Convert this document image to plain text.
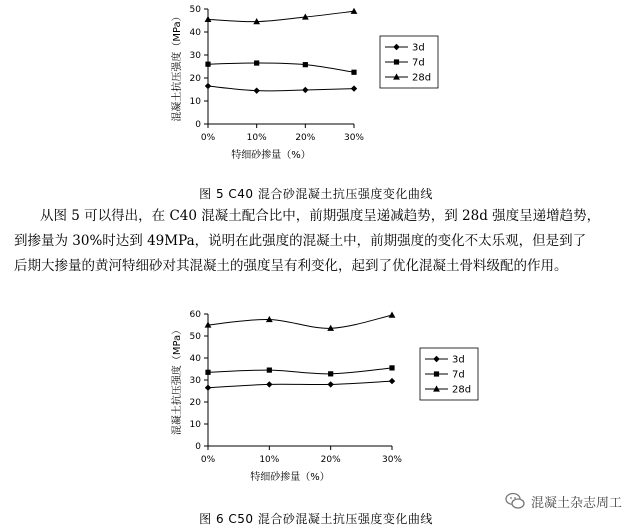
0
10
20
30
40
50
0%	10%	20%	30%
特细砂掺量（%）
混凝土抗压强度（MPa）	3d
7d
28d
图 5 C40 混合砂混凝土抗压强度变化曲线

从图 5 可以得出，在 C40 混凝土配合比中，前期强度呈递减趋势，到 28d 强度呈递增趋势，

到掺量为 30%时达到 49MPa，说明在此强度的混凝土中，前期强度的变化不太乐观，但是到了

后期大掺量的黄河特细砂对其混凝土的强度呈有利变化，起到了优化混凝土骨料级配的作用。

0
10
20
30
40
50
60
0%	10%	20%	30%
特细砂掺量（%）
混凝土抗压强度（MPa）	3d
7d
28d
混凝土杂志周工
图 6 C50 混合砂混凝土抗压强度变化曲线
